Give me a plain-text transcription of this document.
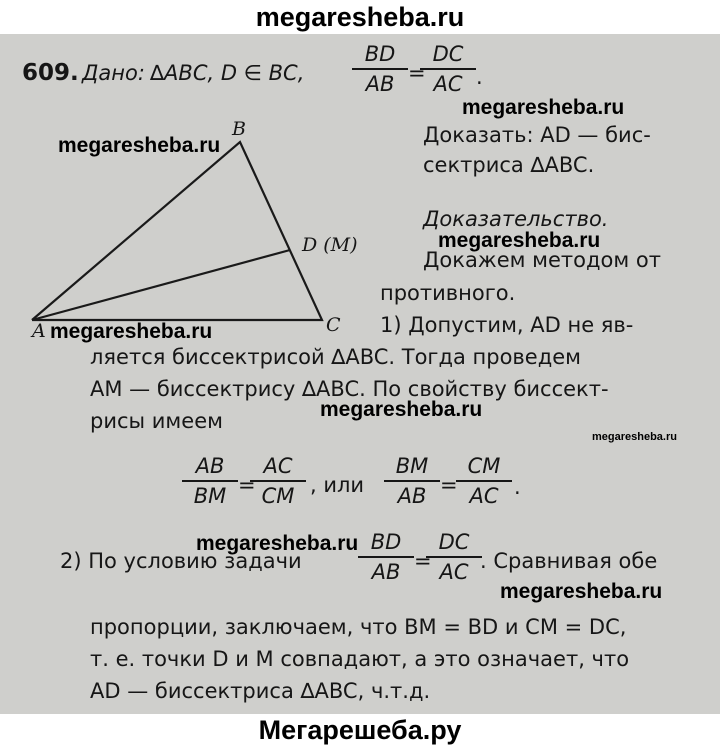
megaresheba.ru
609. Дано: ∆ABC, D ∈ BC,
BD
AB =
DC
AC .
B
D (M)
C
A
Доказать: AD — бис-
сектриса ∆ABC.
Доказательство.
Докажем методом от
противного.
1) Допустим, AD не яв-
ляется биссектрисой ∆ABC. Тогда проведем
AM — биссектрису ∆ABC. По свойству биссект-
рисы имеем
AB
BM =
AC
CM , или
BM
AB =
CM
AC .
2) По условию задачи
BD
AB =
DC
AC . Сравнивая обе
пропорции, заключаем, что BM = BD и CM = DC,
т. е. точки D и M совпадают, а это означает, что
AD — биссектриса ∆ABC, ч.т.д.
megaresheba.ru
megaresheba.ru
megaresheba.ru
megaresheba.ru
megaresheba.ru
megaresheba.ru
megaresheba.ru
megaresheba.ru
Мегарешеба.ру
